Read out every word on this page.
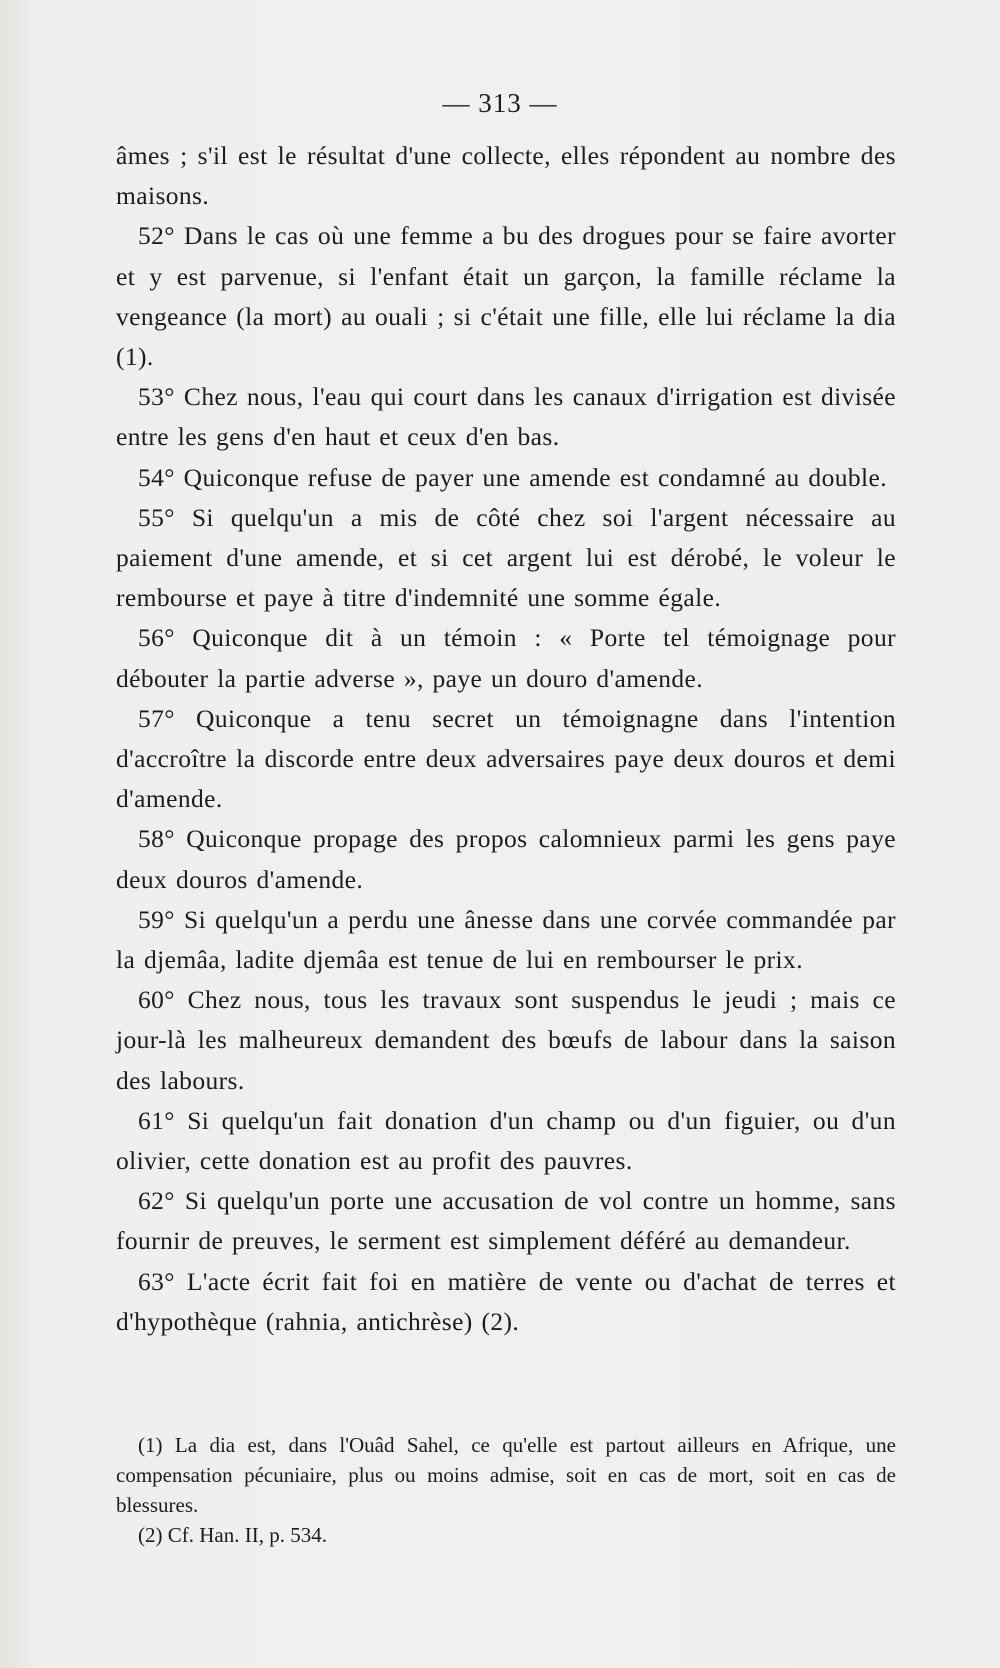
— 313 —

âmes ; s'il est le résultat d'une collecte, elles répondent au nombre des maisons.

52° Dans le cas où une femme a bu des drogues pour se faire avorter et y est parvenue, si l'enfant était un garçon, la famille réclame la vengeance (la mort) au ouali ; si c'était une fille, elle lui réclame la dia (1).

53° Chez nous, l'eau qui court dans les canaux d'irrigation est divisée entre les gens d'en haut et ceux d'en bas.

54° Quiconque refuse de payer une amende est condamné au double.

55° Si quelqu'un a mis de côté chez soi l'argent nécessaire au paiement d'une amende, et si cet argent lui est dérobé, le voleur le rembourse et paye à titre d'indemnité une somme égale.

56° Quiconque dit à un témoin : « Porte tel témoignage pour débouter la partie adverse », paye un douro d'amende.

57° Quiconque a tenu secret un témoignagne dans l'intention d'accroître la discorde entre deux adversaires paye deux douros et demi d'amende.

58° Quiconque propage des propos calomnieux parmi les gens paye deux douros d'amende.

59° Si quelqu'un a perdu une ânesse dans une corvée commandée par la djemâa, ladite djemâa est tenue de lui en rembourser le prix.

60° Chez nous, tous les travaux sont suspendus le jeudi ; mais ce jour-là les malheureux demandent des bœufs de labour dans la saison des labours.

61° Si quelqu'un fait donation d'un champ ou d'un figuier, ou d'un olivier, cette donation est au profit des pauvres.

62° Si quelqu'un porte une accusation de vol contre un homme, sans fournir de preuves, le serment est simplement déféré au demandeur.

63° L'acte écrit fait foi en matière de vente ou d'achat de terres et d'hypothèque (rahnia, antichrèse) (2).

(1) La dia est, dans l'Ouâd Sahel, ce qu'elle est partout ailleurs en Afrique, une compensation pécuniaire, plus ou moins admise, soit en cas de mort, soit en cas de blessures.

(2) Cf. Han. II, p. 534.
